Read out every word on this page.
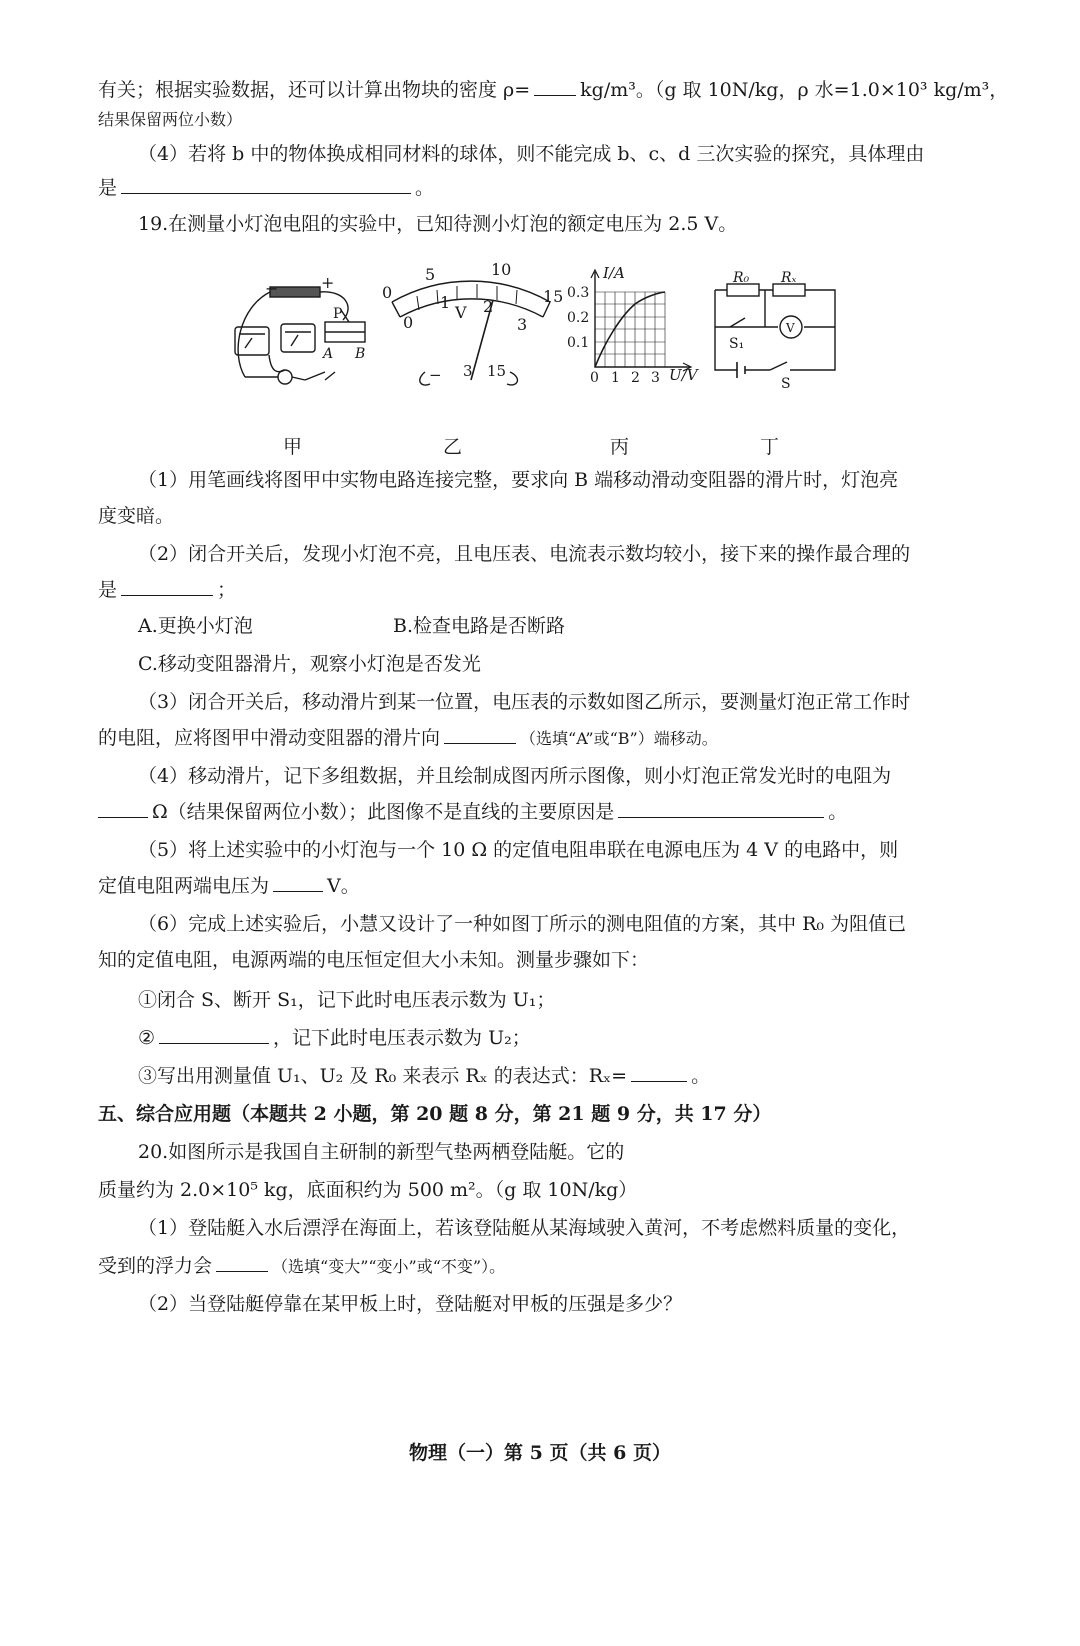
有关；根据实验数据，还可以计算出物块的密度 ρ=	kg/m³。（g 取 10N/kg，ρ 水=1.0×10³ kg/m³，
结果保留两位小数）
（4）若将 b 中的物体换成相同材料的球体，则不能完成 b、c、d 三次实验的探究，具体理由
是	。
19.在测量小灯泡电阻的实验中，已知待测小灯泡的额定电压为 2.5 V。
−	+
P
A B
0
5	10
15
0
1 2
3
V
− 3 15
I/A
U/V
0.3
0.2
0.1
0 1 2 3
R₀ Rₓ
V
S₁
S
甲	乙	丙	丁
（1）用笔画线将图甲中实物电路连接完整，要求向 B 端移动滑动变阻器的滑片时，灯泡亮
度变暗。
（2）闭合开关后，发现小灯泡不亮，且电压表、电流表示数均较小，接下来的操作最合理的
是	；
A.更换小灯泡	B.检查电路是否断路
C.移动变阻器滑片，观察小灯泡是否发光
（3）闭合开关后，移动滑片到某一位置，电压表的示数如图乙所示，要测量灯泡正常工作时
的电阻，应将图甲中滑动变阻器的滑片向	（选填“A”或“B”）端移动。
（4）移动滑片，记下多组数据，并且绘制成图丙所示图像，则小灯泡正常发光时的电阻为
Ω（结果保留两位小数）；此图像不是直线的主要原因是	。
（5）将上述实验中的小灯泡与一个 10 Ω 的定值电阻串联在电源电压为 4 V 的电路中，则
定值电阻两端电压为	V。
（6）完成上述实验后，小慧又设计了一种如图丁所示的测电阻值的方案，其中 R₀ 为阻值已
知的定值电阻，电源两端的电压恒定但大小未知。测量步骤如下：
①闭合 S、断开 S₁，记下此时电压表示数为 U₁；
②	，记下此时电压表示数为 U₂；
③写出用测量值 U₁、U₂ 及 R₀ 来表示 Rₓ 的表达式：Rₓ=	。
五、综合应用题（本题共 2 小题，第 20 题 8 分，第 21 题 9 分，共 17 分）
20.如图所示是我国自主研制的新型气垫两栖登陆艇。它的
质量约为 2.0×10⁵ kg，底面积约为 500 m²。（g 取 10N/kg）
（1）登陆艇入水后漂浮在海面上，若该登陆艇从某海域驶入黄河，不考虑燃料质量的变化，
受到的浮力会	（选填“变大”“变小”或“不变”）。
（2）当登陆艇停靠在某甲板上时，登陆艇对甲板的压强是多少？
物理（一）第 5 页（共 6 页）
